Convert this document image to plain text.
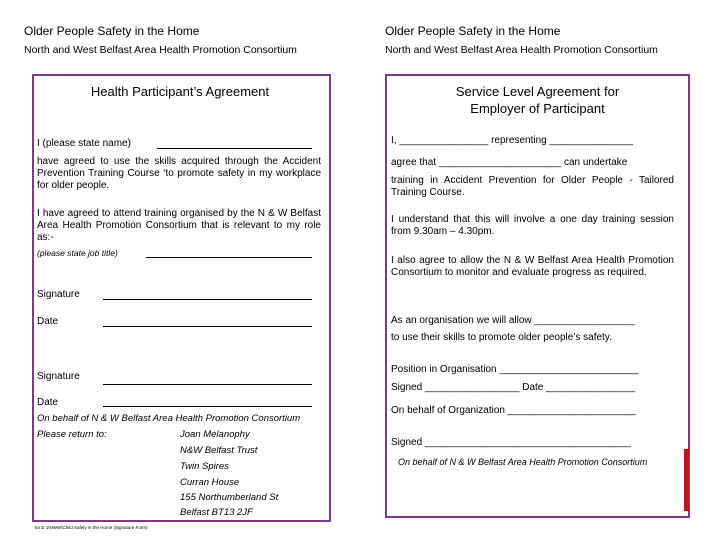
Older People Safety in the Home
North and West Belfast Area Health Promotion Consortium
Health Participant’s Agreement
I (please state name)
have agreed to use the skills acquired through the Accident Prevention Training Course ‘to promote safety in my workplace for older people.
I have agreed to attend training organised by the N & W Belfast Area Health Promotion Consortium that is relevant to my role as:-
(please state job title)
Signature
Date
Signature
Date
On behalf of N & W Belfast Area Health Promotion Consortium
Please return to:	Joan Melanophy
N&W Belfast Trust
Twin Spires
Curran House
155 Northumberland St
Belfast BT13 2JF
Ex:E 1\NWW\Child Safety in the Home (Signature Form)
Older People Safety in the Home
North and West Belfast Area Health Promotion Consortium
Service Level Agreement for
Employer of Participant
I, ________________ representing _______________
agree that ______________________ can undertake
training in Accident Prevention for Older People - Tailored Training Course.
I understand that this will involve a one day training session from 9.30am – 4.30pm.
I also agree to allow the N & W Belfast Area Health Promotion Consortium to monitor and evaluate progress as required.
As an organisation we will allow __________________
to use their skills to promote older people’s safety.
Position in Organisation _________________________
Signed _________________ Date ________________
On behalf of Organization _______________________
Signed _____________________________________
On behalf of N & W Belfast Area Health Promotion Consortium
